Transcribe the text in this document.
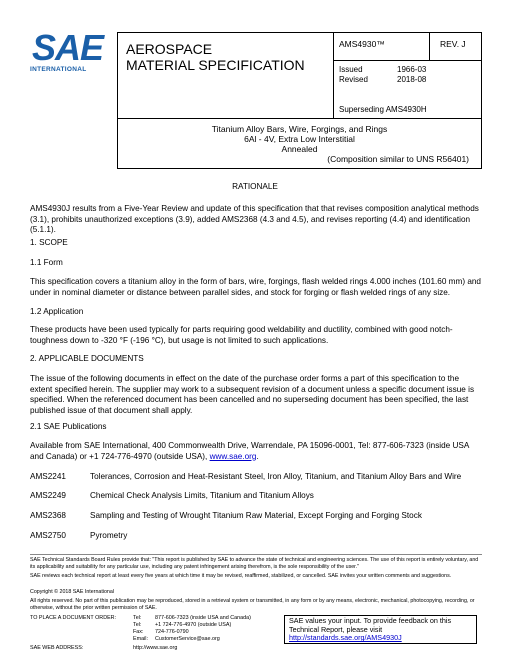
SAE
INTERNATIONAL
AEROSPACE
MATERIAL SPECIFICATION

AMS4930™	REV. J

Issued	1966-03
Revised	2018-08

Superseding AMS4930H

Titanium Alloy Bars, Wire, Forgings, and Rings
6Al - 4V, Extra Low Interstitial
Annealed
(Composition similar to UNS R56401)
RATIONALE
AMS4930J results from a Five-Year Review and update of this specification that that revises composition analytical methods (3.1), prohibits unauthorized exceptions (3.9), added AMS2368 (4.3 and 4.5), and revises reporting (4.4) and identification (5.1.1).
1. SCOPE
1.1 Form
This specification covers a titanium alloy in the form of bars, wire, forgings, flash welded rings 4.000 inches (101.60 mm) and under in nominal diameter or distance between parallel sides, and stock for forging or flash welded rings of any size.
1.2 Application
These products have been used typically for parts requiring good weldability and ductility, combined with good notch-toughness down to -320 °F (-196 °C), but usage is not limited to such applications.
2. APPLICABLE DOCUMENTS
The issue of the following documents in effect on the date of the purchase order forms a part of this specification to the extent specified herein. The supplier may work to a subsequent revision of a document unless a specific document issue is specified. When the referenced document has been cancelled and no superseding document has been specified, the last published issue of that document shall apply.
2.1 SAE Publications
Available from SAE International, 400 Commonwealth Drive, Warrendale, PA 15096-0001, Tel: 877-606-7323 (inside USA and Canada) or +1 724-776-4970 (outside USA), www.sae.org.
AMS2241	Tolerances, Corrosion and Heat-Resistant Steel, Iron Alloy, Titanium, and Titanium Alloy Bars and Wire
AMS2249	Chemical Check Analysis Limits, Titanium and Titanium Alloys
AMS2368	Sampling and Testing of Wrought Titanium Raw Material, Except Forging and Forging Stock
AMS2750	Pyrometry
SAE Technical Standards Board Rules provide that: "This report is published by SAE to advance the state of technical and engineering sciences. The use of this report is entirely voluntary, and its applicability and suitability for any particular use, including any patent infringement arising therefrom, is the sole responsibility of the user."
SAE reviews each technical report at least every five years at which time it may be revised, reaffirmed, stabilized, or cancelled. SAE invites your written comments and suggestions.
Copyright © 2018 SAE International
All rights reserved. No part of this publication may be reproduced, stored in a retrieval system or transmitted, in any form or by any means, electronic, mechanical, photocopying, recording, or otherwise, without the prior written permission of SAE.
TO PLACE A DOCUMENT ORDER:	Tel:	877-606-7323 (inside USA and Canada)
Tel:	+1 724-776-4970 (outside USA)
Fax: 724-776-0790
Email: CustomerService@sae.org
SAE WEB ADDRESS:	http://www.sae.org
SAE values your input. To provide feedback on this Technical Report, please visit
http://standards.sae.org/AMS4930J
